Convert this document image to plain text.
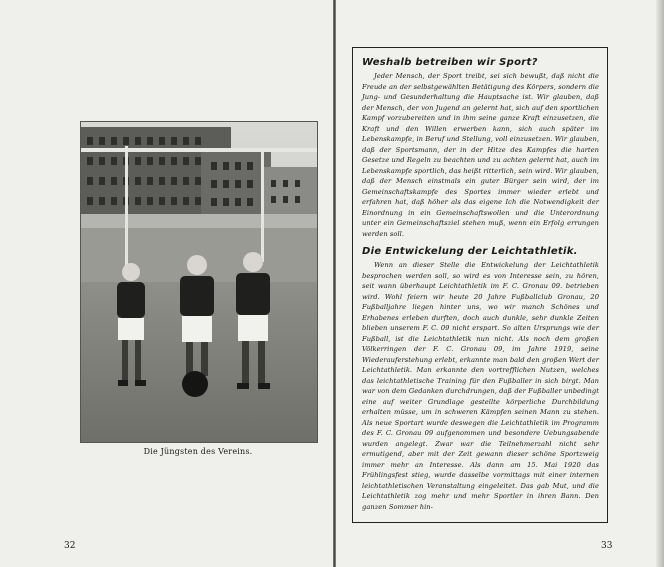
Die Jüngsten des Vereins.
32	33
Weshalb betreiben wir Sport?

Jeder Mensch, der Sport treibt, sei sich bewußt, daß nicht die Freude an der selbstgewählten Betätigung des Körpers, sondern die Jung- und Gesunderhaltung die Hauptsache ist. Wir glauben, daß der Mensch, der von Jugend an gelernt hat, sich auf den sportlichen Kampf vorzubereiten und in ihm seine ganze Kraft einzusetzen, die Kraft und den Willen erwerben kann, sich auch später im Lebenskampfe, in Beruf und Stellung, voll einzusetzen. Wir glauben, daß der Sportsmann, der in der Hitze des Kampfes die harten Gesetze und Regeln zu beachten und zu achten gelernt hat, auch im Lebenskampfe sportlich, das heißt ritterlich, sein wird. Wir glauben, daß der Mensch einstmals ein guter Bürger sein wird, der im Gemeinschaftskampfe des Sportes immer wieder erlebt und erfahren hat, daß höher als das eigene Ich die Notwendigkeit der Einordnung in ein Gemeinschaftswollen und die Unterordnung unter ein Gemeinschaftsziel stehen muß, wenn ein Erfolg errungen werden soll.

Die Entwickelung der Leichtathletik.

Wenn an dieser Stelle die Entwickelung der Leichtathletik besprochen werden soll, so wird es von Interesse sein, zu hören, seit wann überhaupt Leichtathletik im F. C. Gronau 09. betrieben wird. Wohl feiern wir heute 20 Jahre Fußballclub Gronau, 20 Fußballjahre liegen hinter uns, wo wir manch Schönes und Erhabenes erleben durften, doch auch dunkle, sehr dunkle Zeiten blieben unserem F. C. 09 nicht erspart. So alten Ursprungs wie der Fußball, ist die Leichtathletik nun nicht. Als noch dem großen Völkerringen der F. C. Gronau 09, im Jahre 1919, seine Wiederauferstehung erlebt, erkannte man bald den großen Wert der Leichtathletik. Man erkannte den vortrefflichen Nutzen, welches das leichtathletische Training für den Fußballer in sich birgt. Man war von dem Gedanken durchdrungen, daß der Fußballer unbedingt eine auf weiter Grundlage gestellte körperliche Durchbildung erhalten müsse, um in schweren Kämpfen seinen Mann zu stehen. Als neue Sportart wurde deswegen die Leichtathletik im Programm des F. C. Gronau 09 aufgenommen und besondere Uebungsabende wurden angelegt. Zwar war die Teilnehmerzahl nicht sehr ermutigend, aber mit der Zeit gewann dieser schöne Sportzweig immer mehr an Interesse. Als dann am 15. Mai 1920 das Frühlingsfest stieg, wurde dasselbe vormittags mit einer internen leichtathletischen Veranstaltung eingeleitet. Das gab Mut, und die Leichtathletik zog mehr und mehr Sportler in ihren Bann. Den ganzen Sommer hin-
